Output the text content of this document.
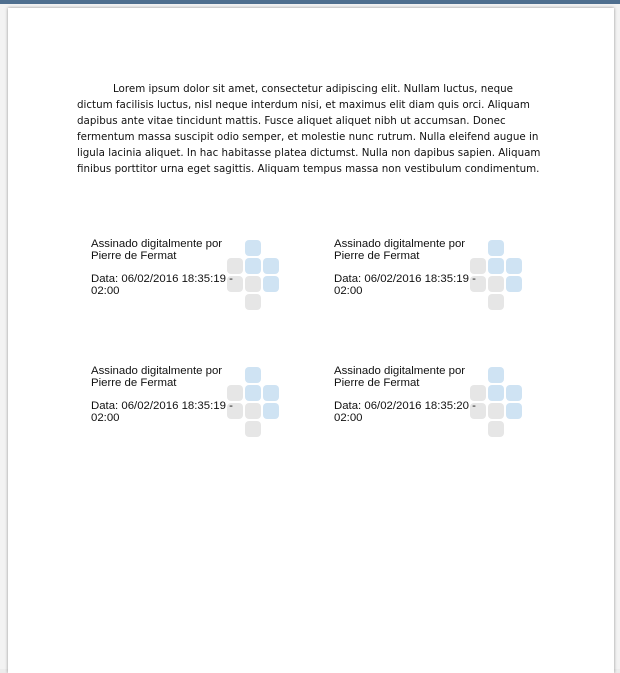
Lorem ipsum dolor sit amet, consectetur adipiscing elit. Nullam luctus, neque dictum facilisis luctus, nisl neque interdum nisi, et maximus elit diam quis orci. Aliquam dapibus ante vitae tincidunt mattis. Fusce aliquet aliquet nibh ut accumsan. Donec fermentum massa suscipit odio semper, et molestie nunc rutrum. Nulla eleifend augue in ligula lacinia aliquet. In hac habitasse platea dictumst. Nulla non dapibus sapien. Aliquam finibus porttitor urna eget sagittis. Aliquam tempus massa non vestibulum condimentum.

Assinado digitalmente por
Pierre de Fermat
Data: 06/02/2016 18:35:19 -
02:00
Assinado digitalmente por
Pierre de Fermat
Data: 06/02/2016 18:35:19 -
02:00
Assinado digitalmente por
Pierre de Fermat
Data: 06/02/2016 18:35:19 -
02:00
Assinado digitalmente por
Pierre de Fermat
Data: 06/02/2016 18:35:20 -
02:00
